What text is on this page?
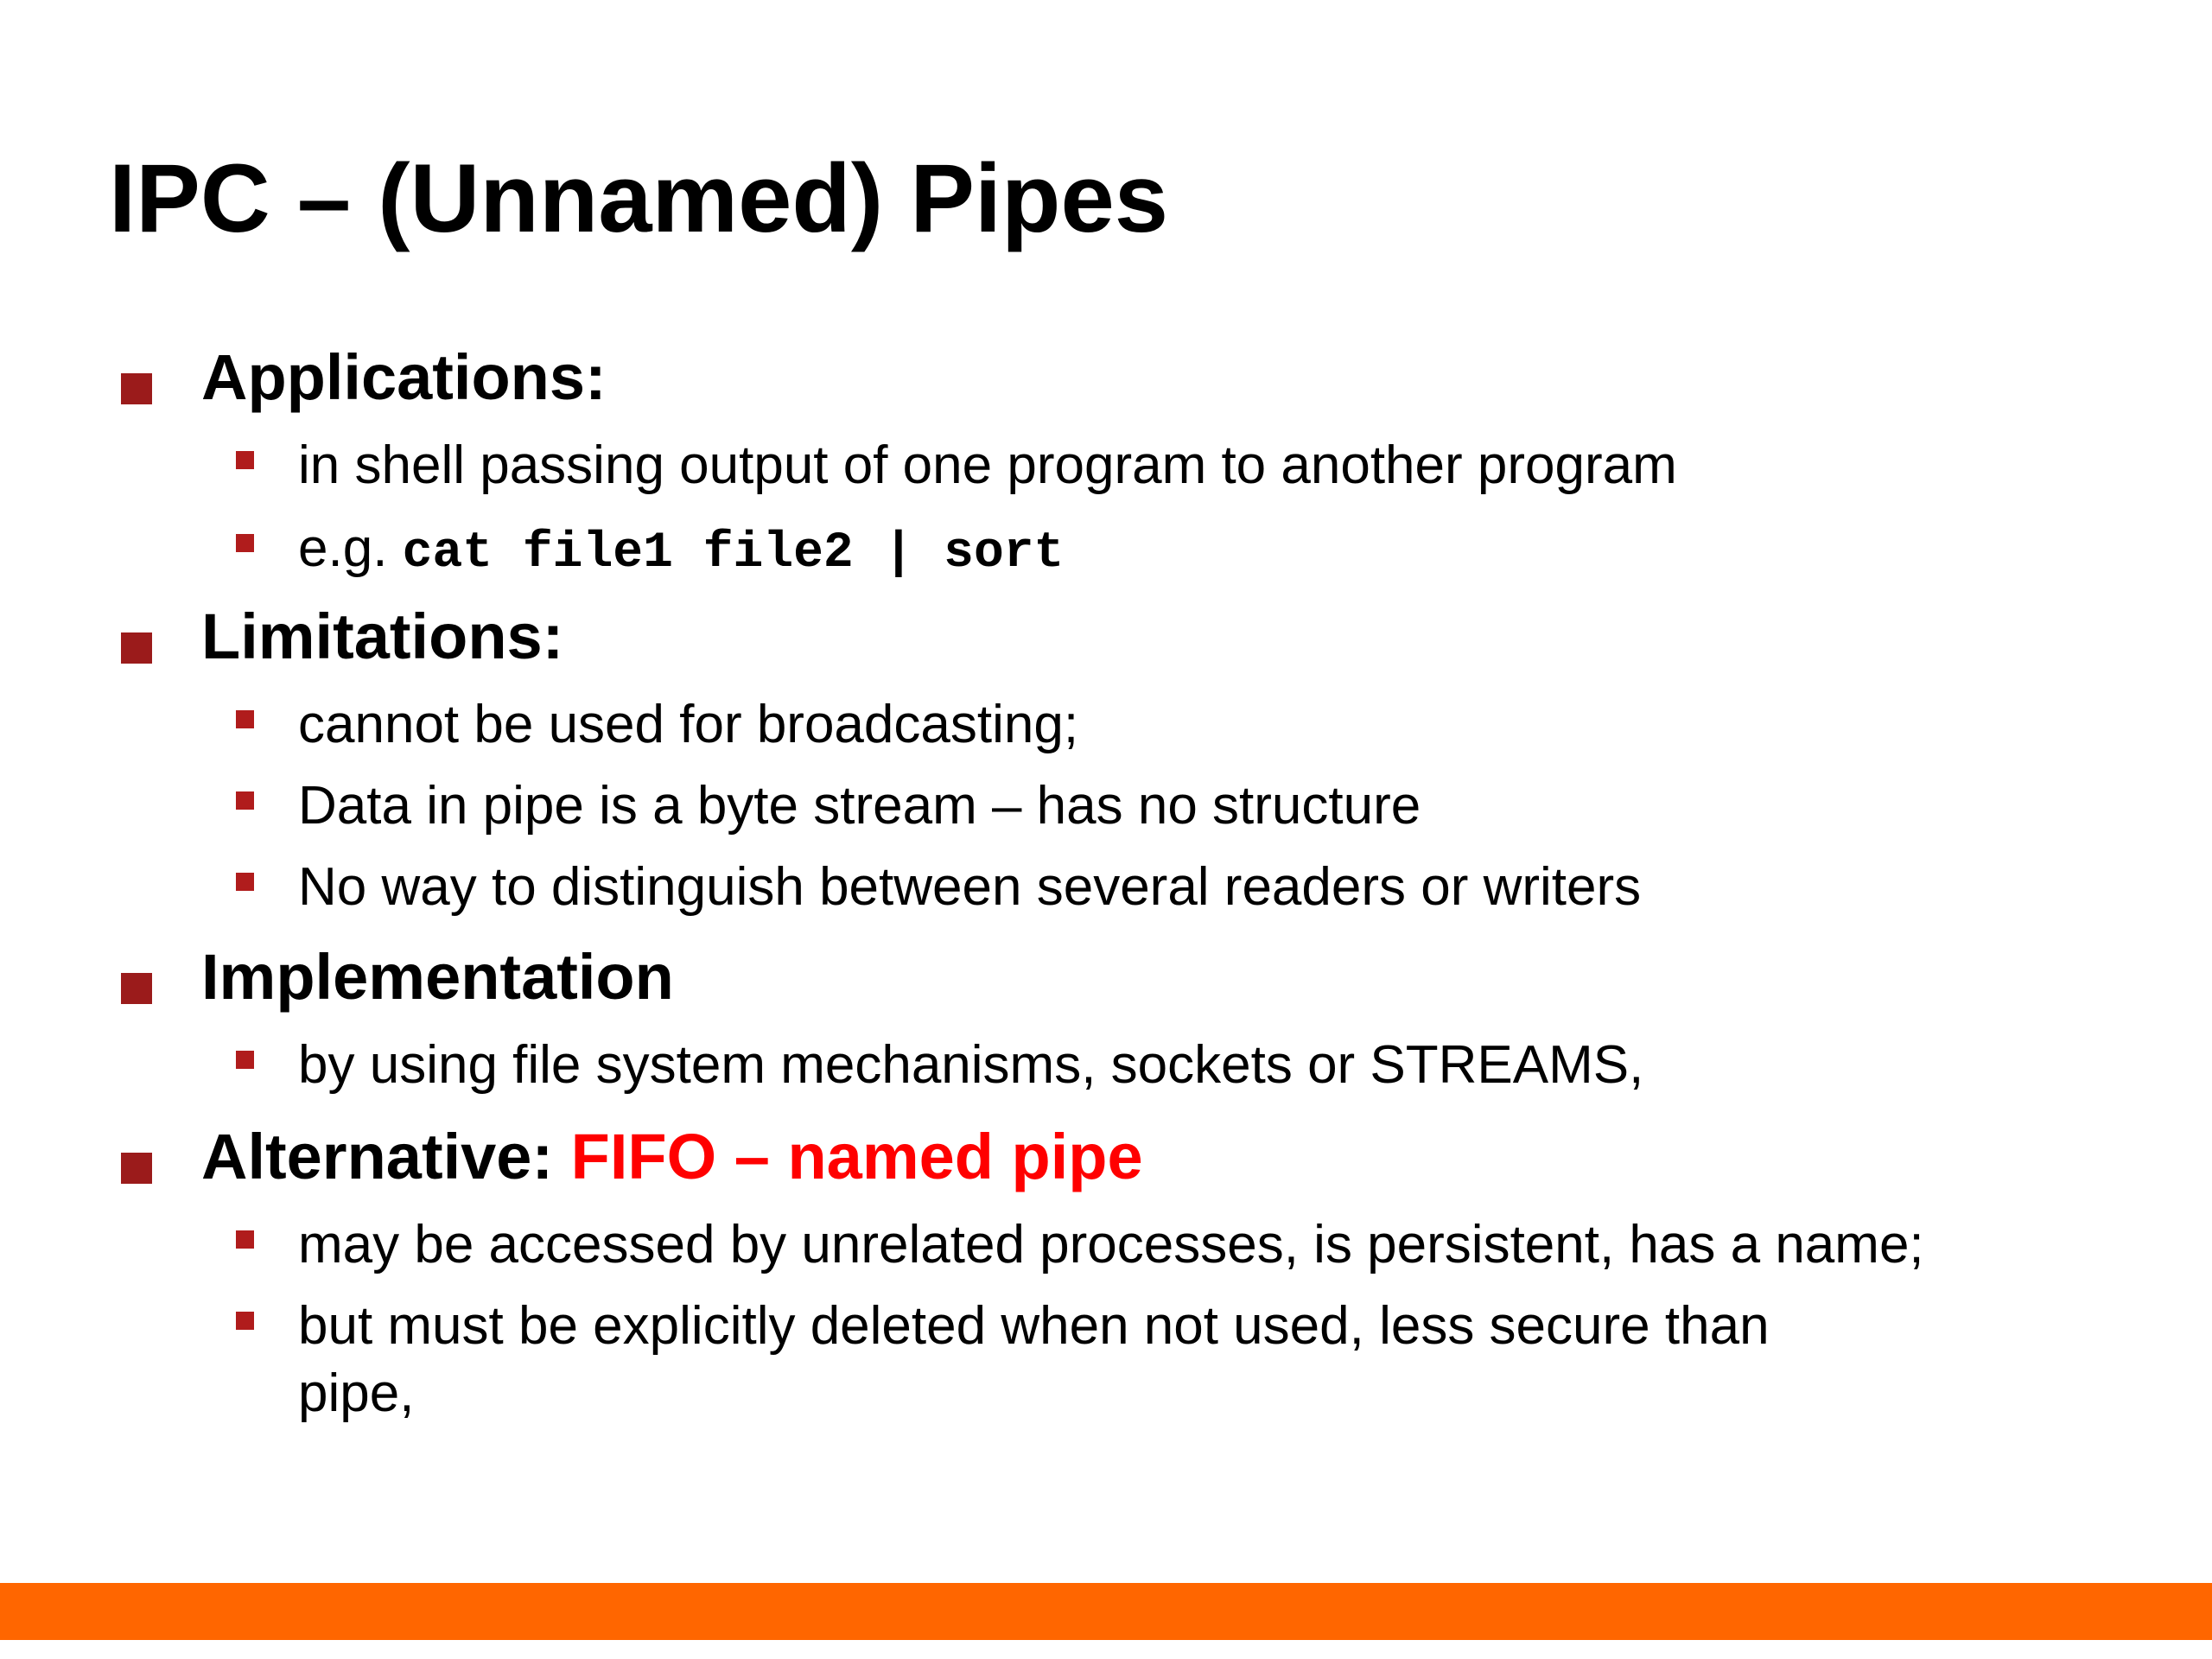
IPC – (Unnamed) Pipes
Applications:
in shell passing output of one program to another program
e.g. cat file1 file2 | sort
Limitations:
cannot be used for broadcasting;
Data in pipe is a byte stream – has no structure
No way to distinguish between several readers or writers
Implementation
by using file system mechanisms, sockets or STREAMS,
Alternative: FIFO – named pipe
may be accessed by unrelated processes, is persistent, has a name;
but must be explicitly deleted when not used, less secure than pipe,
